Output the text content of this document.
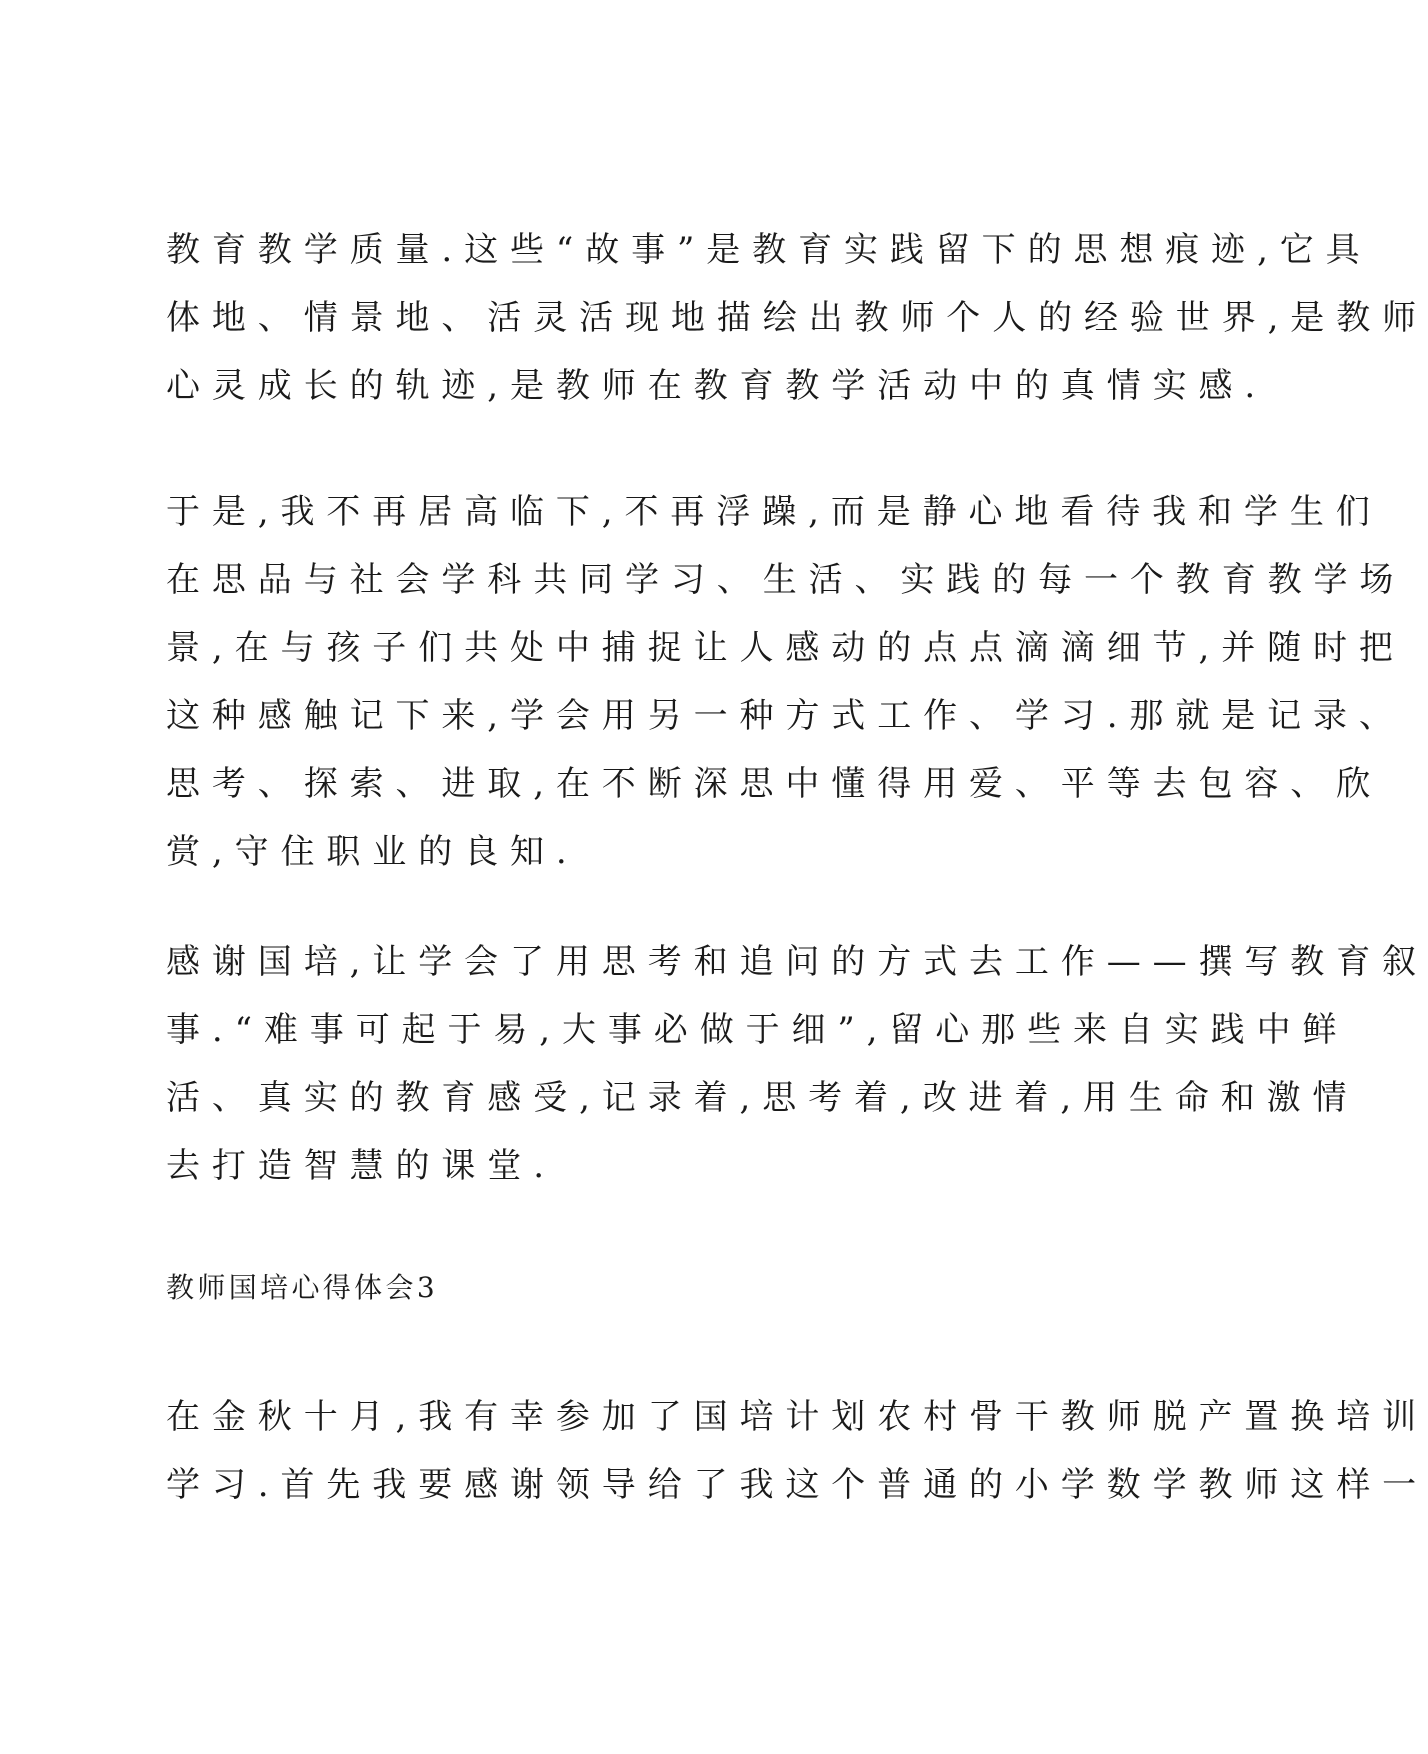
教育教学质量.这些“故事”是教育实践留下的思想痕迹,它具
体地、情景地、活灵活现地描绘出教师个人的经验世界,是教师
心灵成长的轨迹,是教师在教育教学活动中的真情实感.
于是,我不再居高临下,不再浮躁,而是静心地看待我和学生们
在思品与社会学科共同学习、生活、实践的每一个教育教学场
景,在与孩子们共处中捕捉让人感动的点点滴滴细节,并随时把
这种感触记下来,学会用另一种方式工作、学习.那就是记录、
思考、探索、进取,在不断深思中懂得用爱、平等去包容、欣
赏,守住职业的良知.
感谢国培,让学会了用思考和追问的方式去工作——撰写教育叙
事.“难事可起于易,大事必做于细”,留心那些来自实践中鲜
活、真实的教育感受,记录着,思考着,改进着,用生命和激情
去打造智慧的课堂.
教师国培心得体会3
在金秋十月,我有幸参加了国培计划农村骨干教师脱产置换培训
学习.首先我要感谢领导给了我这个普通的小学数学教师这样一
